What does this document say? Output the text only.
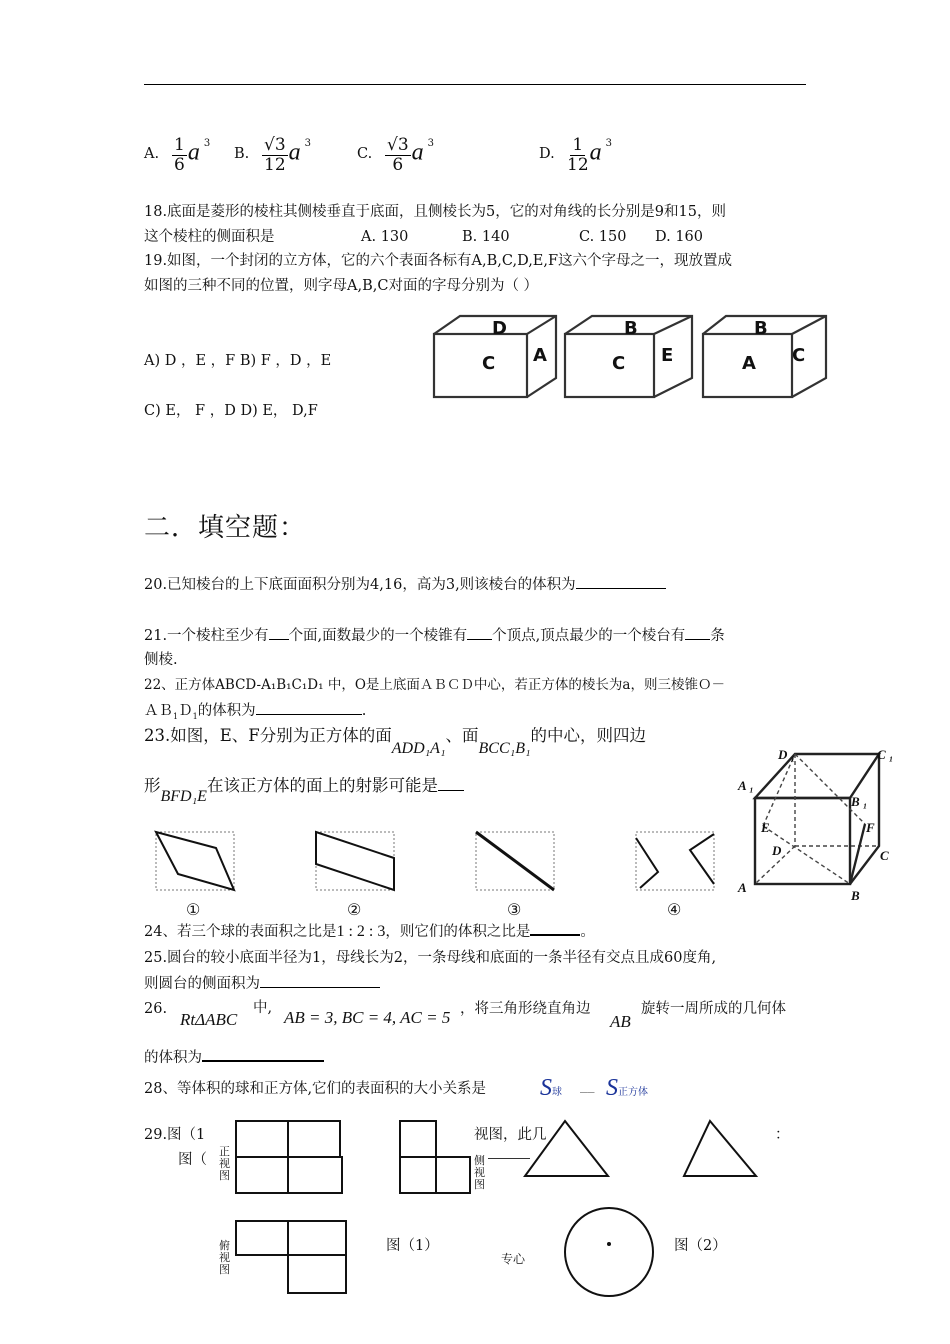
A. $\frac{1}{6}$ a $^3$
B. $\frac{√3}{12}$ a $^3$
C. $\frac{√3}{6}$ a $^3$
D. $\frac{1}{12}$ a $^3$
18.底面是菱形的棱柱其侧棱垂直于底面，且侧棱长为5，它的对角线的长分别是9和15，则
这个棱柱的侧面积是	A. 130	B. 140	C. 150 D. 160
19.如图，一个封闭的立方体，它的六个表面各标有A,B,C,D,E,F这六个字母之一，现放置成
如图的三种不同的位置，则字母A,B,C对面的字母分别为（ ）
A) D ，E ，F B) F ，D ，E
C) E， F ，D D) E， D,F
D
C A
B
C E
B
A C
二．填空题：
20.已知棱台的上下底面面积分别为4,16，高为3,则该棱台的体积为
21.一个棱柱至少有 个面,面数最少的一个棱锥有 个顶点,顶点最少的一个棱台有 条
侧棱.
22、正方体ABCD-A₁B₁C₁D₁ 中，O是上底面ＡＢＣＤ中心，若正方体的棱长为a，则三棱锥Ｏ－
ＡＢ$_1$Ｄ$_1$的体积为	.
23.如图，E、F分别为正方体的面ADD₁A₁、面BCC₁B₁的中心，则四边
形BFD₁E在该正方体的面上的射影可能是
①	②	③	④
D ₁	C ₁
A ₁
B ₁
E	F
D	C
A
B
24、若三个球的表面积之比是1 : 2 : 3，则它们的体积之比是	。
25.圆台的较小底面半径为1，母线长为2，一条母线和底面的一条半径有交点且成60度角,
则圆台的侧面积为
26.
RtΔABC
中, AB = 3, BC = 4, AC = 5 ，将三角形绕直角边
AB
旋转一周所成的几何体
的体积为
28、等体积的球和正方体,它们的表面积的大小关系是 S球 __ S正方体
29.图（1	视图，此几	：
图（
正视图
侧视图
俯视图
图（1）	图（2）
专心
